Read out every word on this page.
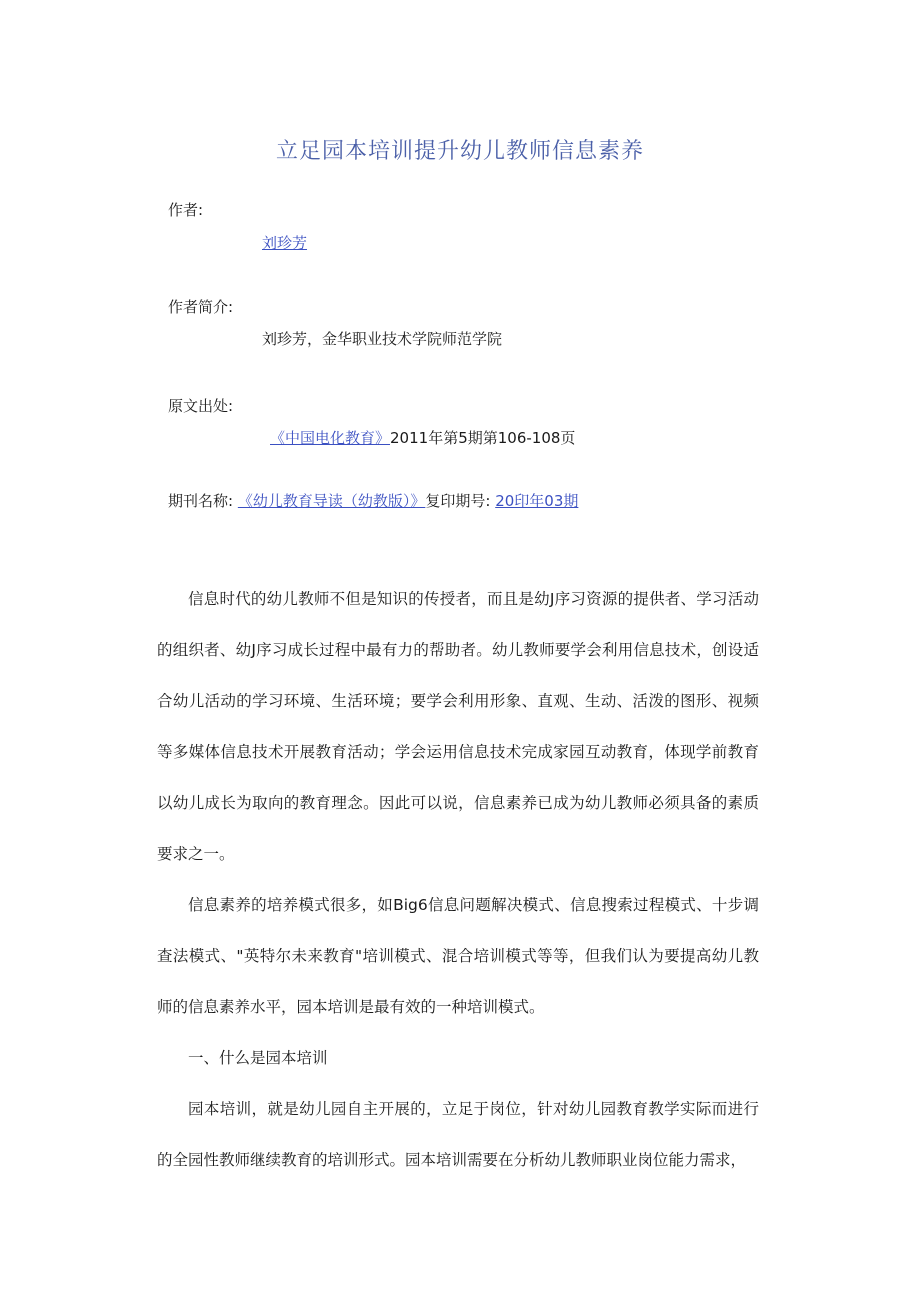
立足园本培训提升幼儿教师信息素养
作者:
刘珍芳
作者简介:
刘珍芳，金华职业技术学院师范学院
原文出处:
《中国电化教育》2011年第5期第106-108页
期刊名称: 《幼儿教育导读（幼教版）》复印期号: 20印年03期

信息时代的幼儿教师不但是知识的传授者，而且是幼J序习资源的提供者、学习活动的组织者、幼J序习成长过程中最有力的帮助者。幼儿教师要学会利用信息技术，创设适合幼儿活动的学习环境、生活环境；要学会利用形象、直观、生动、活泼的图形、视频等多媒体信息技术开展教育活动；学会运用信息技术完成家园互动教育，体现学前教育以幼儿成长为取向的教育理念。因此可以说，信息素养已成为幼儿教师必须具备的素质要求之一。

信息素养的培养模式很多，如Big6信息问题解决模式、信息搜索过程模式、十步调查法模式、"英特尔未来教育"培训模式、混合培训模式等等，但我们认为要提高幼儿教师的信息素养水平，园本培训是最有效的一种培训模式。

一、什么是园本培训

园本培训，就是幼儿园自主开展的，立足于岗位，针对幼儿园教育教学实际而进行的全园性教师继续教育的培训形式。园本培训需要在分析幼儿教师职业岗位能力需求，
